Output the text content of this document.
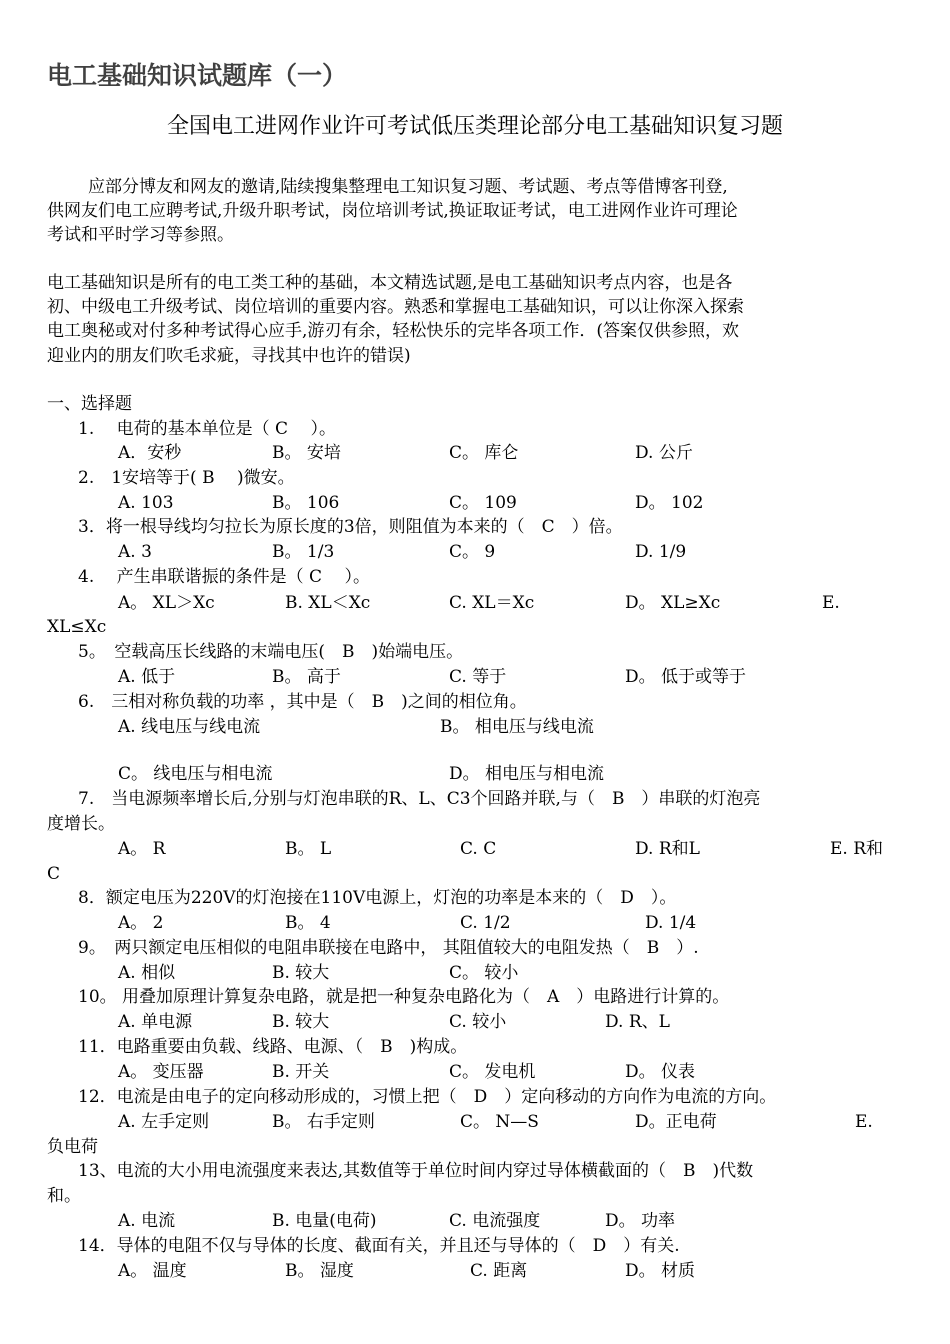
电工基础知识试题库（一）
全国电工进网作业许可考试低压类理论部分电工基础知识复习题
应部分博友和网友的邀请,陆续搜集整理电工知识复习题、考试题、考点等借博客刊登,
供网友们电工应聘考试,升级升职考试，岗位培训考试,换证取证考试，电工进网作业许可理论
考试和平时学习等参照。
电工基础知识是所有的电工类工种的基础，本文精选试题,是电工基础知识考点内容，也是各
初、中级电工升级考试、岗位培训的重要内容。熟悉和掌握电工基础知识，可以让你深入探索
电工奥秘或对付多种考试得心应手,游刃有余，轻松快乐的完毕各项工作．(答案仅供参照，欢
迎业内的朋友们吹毛求疵，寻找其中也许的错误)
一、选择题
1.　 电荷的基本单位是（ C　 ）。
A．安秒	B。 安培	C。 库仑	D. 公斤
2.　1安培等于( B　 )微安。
A. 103	B。 106	C。 109	D。 102
3．将一根导线均匀拉长为原长度的3倍，则阻值为本来的（　C　）倍。
A. 3	B。 1/3	C。 9	D. 1/9
4.　 产生串联谐振的条件是（ C　 ）。
A。 XL＞Xc	B. XL＜Xc	C. XL＝Xc	D。 XL≥Xc	E.
XL≤Xc
5。　空载高压长线路的末端电压(　B　)始端电压。
A. 低于	B。 高于	C. 等于	D。 低于或等于
6.　三相对称负载的功率 ，其中是（　B　)之间的相位角。
A. 线电压与线电流	B。 相电压与线电流
C。 线电压与相电流	D。 相电压与相电流
7.　当电源频率增长后,分别与灯泡串联的R、L、C3个回路并联,与（　B　）串联的灯泡亮
度增长。
A。 R	B。 L	C. C	D. R和L	E. R和
C
8．额定电压为220V的灯泡接在110V电源上，灯泡的功率是本来的（　D　）。
A。 2	B。 4	C. 1/2	D. 1/4
9。　两只额定电压相似的电阻串联接在电路中， 其阻值较大的电阻发热（　B　）.
A. 相似	B. 较大	C。 较小
10。 用叠加原理计算复杂电路，就是把一种复杂电路化为（　A　）电路进行计算的。
A. 单电源	B. 较大	C. 较小	D. R、L
11．电路重要由负载、线路、电源、（　B　)构成。
A。 变压器	B. 开关	C。 发电机	D。 仪表
12．电流是由电子的定向移动形成的，习惯上把（　D　）定向移动的方向作为电流的方向。
A. 左手定则	B。 右手定则	C。 N—S	D。正电荷	E.
负电荷
13、电流的大小用电流强度来表达,其数值等于单位时间内穿过导体横截面的（　B　)代数
和。
A. 电流	B. 电量(电荷)	C. 电流强度	D。 功率
14．导体的电阻不仅与导体的长度、截面有关，并且还与导体的（　D　）有关.
A。 温度	B。 湿度	C. 距离	D。 材质
